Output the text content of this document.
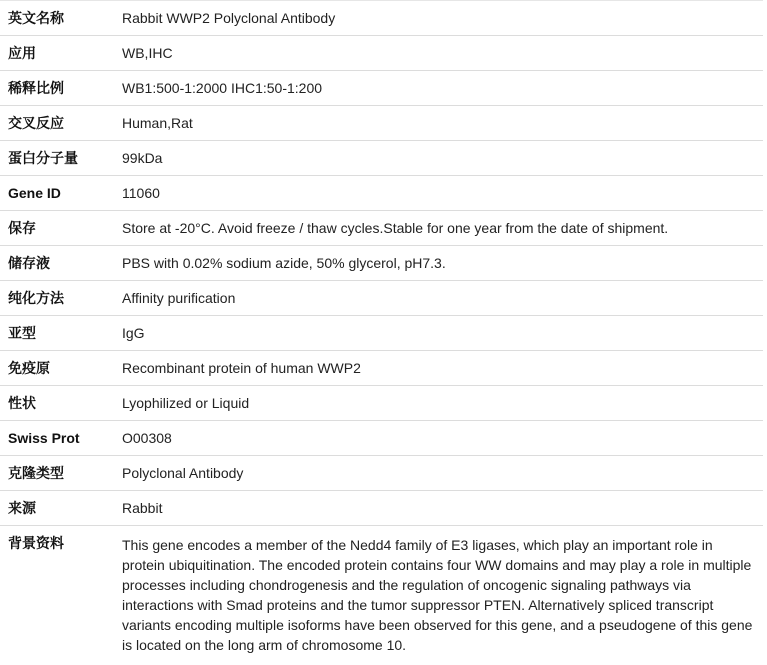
英文名称	Rabbit WWP2 Polyclonal Antibody
应用	WB,IHC
稀释比例	WB1:500-1:2000 IHC1:50-1:200
交叉反应	Human,Rat
蛋白分子量	99kDa
Gene ID	11060
保存	Store at -20°C. Avoid freeze / thaw cycles.Stable for one year from the date of shipment.
储存液	PBS with 0.02% sodium azide, 50% glycerol, pH7.3.
纯化方法	Affinity purification
亚型	IgG
免疫原	Recombinant protein of human WWP2
性状	Lyophilized or Liquid
Swiss Prot	O00308
克隆类型	Polyclonal Antibody
来源	Rabbit
背景资料	This gene encodes a member of the Nedd4 family of E3 ligases, which play an important role in protein ubiquitination. The encoded protein contains four WW domains and may play a role in multiple processes including chondrogenesis and the regulation of oncogenic signaling pathways via interactions with Smad proteins and the tumor suppressor PTEN. Alternatively spliced transcript variants encoding multiple isoforms have been observed for this gene, and a pseudogene of this gene is located on the long arm of chromosome 10.
